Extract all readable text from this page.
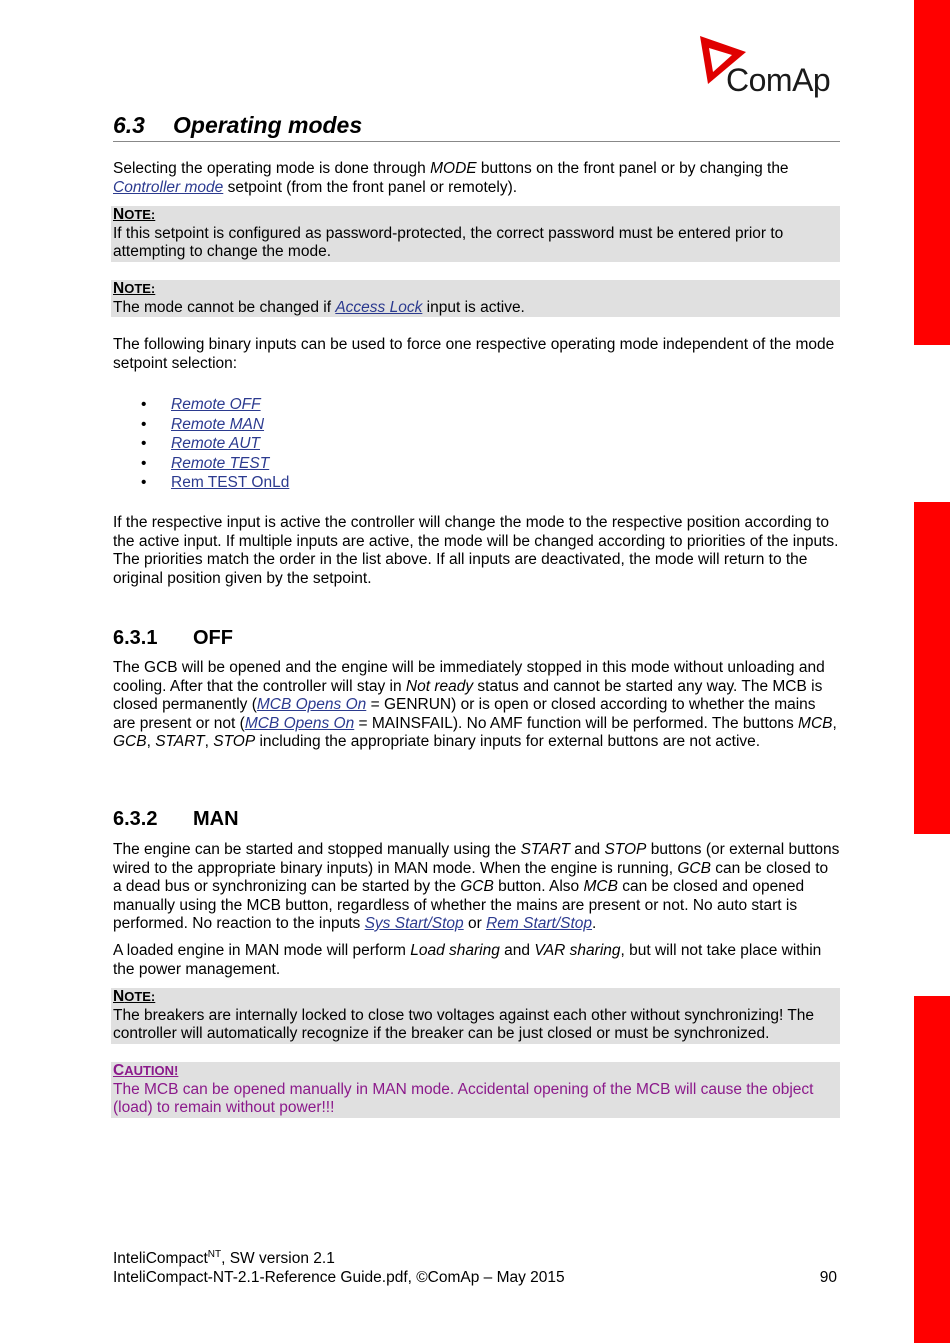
ComAp
6.3 Operating modes
Selecting the operating mode is done through MODE buttons on the front panel or by changing the Controller mode setpoint (from the front panel or remotely).
NOTE:
If this setpoint is configured as password-protected, the correct password must be entered prior to attempting to change the mode.
NOTE:
The mode cannot be changed if Access Lock input is active.
The following binary inputs can be used to force one respective operating mode independent of the mode setpoint selection:
• Remote OFF
• Remote MAN
• Remote AUT
• Remote TEST
• Rem TEST OnLd
If the respective input is active the controller will change the mode to the respective position according to the active input. If multiple inputs are active, the mode will be changed according to priorities of the inputs. The priorities match the order in the list above. If all inputs are deactivated, the mode will return to the original position given by the setpoint.
6.3.1 OFF
The GCB will be opened and the engine will be immediately stopped in this mode without unloading and cooling. After that the controller will stay in Not ready status and cannot be started any way. The MCB is closed permanently (MCB Opens On = GENRUN) or is open or closed according to whether the mains are present or not (MCB Opens On = MAINSFAIL). No AMF function will be performed. The buttons MCB, GCB, START, STOP including the appropriate binary inputs for external buttons are not active.
6.3.2 MAN
The engine can be started and stopped manually using the START and STOP buttons (or external buttons wired to the appropriate binary inputs) in MAN mode. When the engine is running, GCB can be closed to a dead bus or synchronizing can be started by the GCB button. Also MCB can be closed and opened manually using the MCB button, regardless of whether the mains are present or not. No auto start is performed. No reaction to the inputs Sys Start/Stop or Rem Start/Stop.
A loaded engine in MAN mode will perform Load sharing and VAR sharing, but will not take place within the power management.
NOTE:
The breakers are internally locked to close two voltages against each other without synchronizing! The controller will automatically recognize if the breaker can be just closed or must be synchronized.
CAUTION!
The MCB can be opened manually in MAN mode. Accidental opening of the MCB will cause the object (load) to remain without power!!!
InteliCompact$^{NT}$, SW version 2.1
InteliCompact-NT-2.1-Reference Guide.pdf, ©ComAp – May 2015	90
